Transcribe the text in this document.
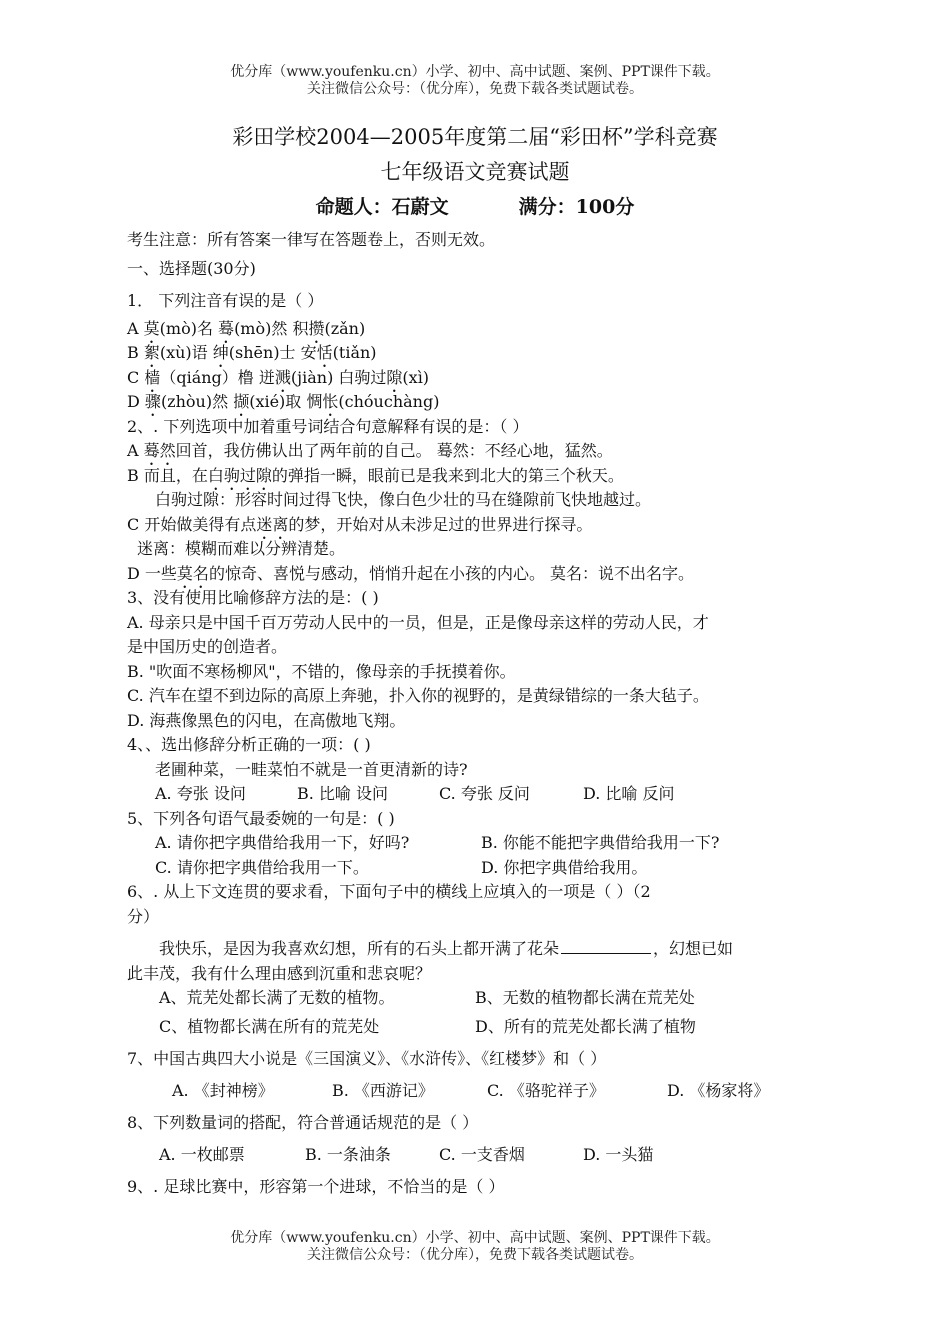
优分库（www.youfenku.cn）小学、初中、高中试题、案例、PPT课件下载。
关注微信公众号：（优分库），免费下载各类试题试卷。
彩田学校2004—2005年度第二届“彩田杯”学科竞赛
七年级语文竞赛试题
命题人：石蔚文	满分：100分
考生注意：所有答案一律写在答题卷上，否则无效。
一、选择题(30分)
1． 下列注音有误的是（ ）
A 莫(mò)名 蓦(mò)然 积攒(zǎn)
B 絮(xù)语 绅(shēn)士 安恬(tiǎn)
C 樯（qiáng）橹 迸溅(jiàn) 白驹过隙(xì)
D 骤(zhòu)然 撷(xié)取 惆怅(chóuchàng)
2、. 下列选项中加着重号词结合句意解释有误的是：（ ）
A 蓦然回首，我仿佛认出了两年前的自己。 蓦然：不经心地，猛然。
B 而且，在白驹过隙的弹指一瞬，眼前已是我来到北大的第三个秋天。
白驹过隙：形容时间过得飞快，像白色少壮的马在缝隙前飞快地越过。
C 开始做美得有点迷离的梦，开始对从未涉足过的世界进行探寻。
迷离：模糊而难以分辨清楚。
D 一些莫名的惊奇、喜悦与感动，悄悄升起在小孩的内心。 莫名：说不出名字。
3、没有使用比喻修辞方法的是：( )
A. 母亲只是中国千百万劳动人民中的一员，但是，正是像母亲这样的劳动人民，才
是中国历史的创造者。
B. "吹面不寒杨柳风"，不错的，像母亲的手抚摸着你。
C. 汽车在望不到边际的高原上奔驰，扑入你的视野的，是黄绿错综的一条大毡子。
D. 海燕像黑色的闪电，在高傲地飞翔。
4、、选出修辞分析正确的一项：( )
老圃种菜，一畦菜怕不就是一首更清新的诗?
A. 夸张 设问	B. 比喻 设问	C. 夸张 反问	D. 比喻 反问
5、下列各句语气最委婉的一句是：( )
A. 请你把字典借给我用一下，好吗?	B. 你能不能把字典借给我用一下?
C. 请你把字典借给我用一下。	D. 你把字典借给我用。
6、. 从上下文连贯的要求看，下面句子中的横线上应填入的一项是（ ）（2
分）
我快乐，是因为我喜欢幻想，所有的石头上都开满了花朵	，幻想已如
此丰茂，我有什么理由感到沉重和悲哀呢？
A、荒芜处都长满了无数的植物。	B、无数的植物都长满在荒芜处
C、植物都长满在所有的荒芜处	D、所有的荒芜处都长满了植物
7、中国古典四大小说是《三国演义》、《水浒传》、《红楼梦》和（ ）
A. 《封神榜》	B. 《西游记》	C. 《骆驼祥子》	D. 《杨家将》
8、下列数量词的搭配，符合普通话规范的是（ ）
A. 一枚邮票	B. 一条油条	C. 一支香烟	D. 一头猫
9、. 足球比赛中，形容第一个进球，不恰当的是（ ）
优分库（www.youfenku.cn）小学、初中、高中试题、案例、PPT课件下载。
关注微信公众号：（优分库），免费下载各类试题试卷。
